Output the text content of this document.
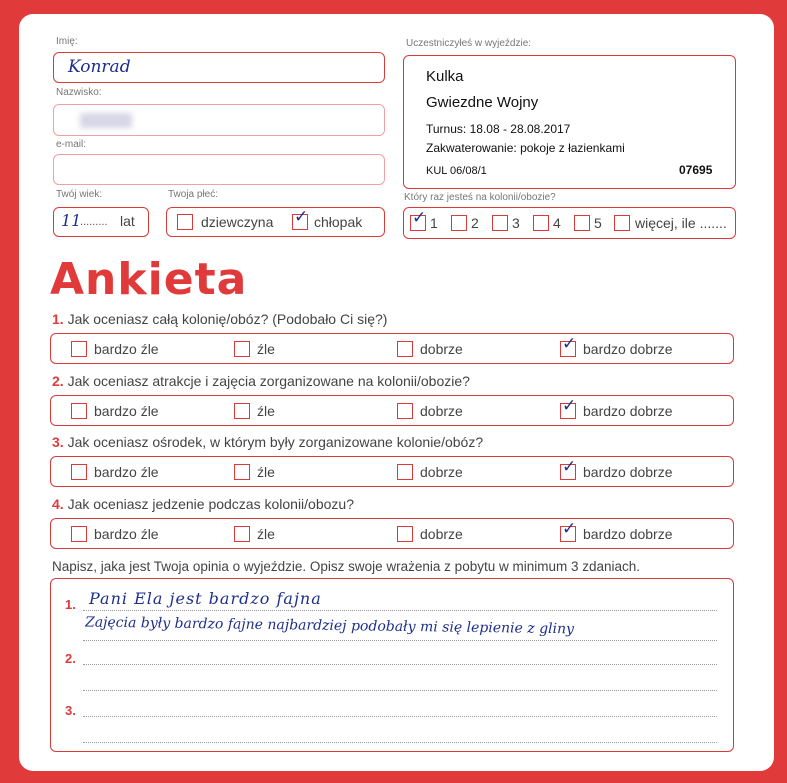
Imię:
Konrad
Nazwisko:
e-mail:
Twój wiek:
11
......... lat
Twoja płeć:
dziewczyna ✓ chłopak
Uczestniczyłeś w wyjeździe:
Kulka
Gwiezdne Wojny
Turnus: 18.08 - 28.08.2017
Zakwaterowanie: pokoje z łazienkami
KUL 06/08/1	07695
Który raz jesteś na kolonii/obozie?
✓ 1 2 3 4 5 więcej, ile .......
Ankieta
1. Jak oceniasz całą kolonię/obóz? (Podobało Ci się?)
bardzo źle	źle	dobrze	✓ bardzo dobrze
2. Jak oceniasz atrakcje i zajęcia zorganizowane na kolonii/obozie?
bardzo źle	źle	dobrze	✓ bardzo dobrze
3. Jak oceniasz ośrodek, w którym były zorganizowane kolonie/obóz?
bardzo źle	źle	dobrze	✓ bardzo dobrze
4. Jak oceniasz jedzenie podczas kolonii/obozu?
bardzo źle	źle	dobrze	✓ bardzo dobrze
Napisz, jaka jest Twoja opinia o wyjeździe. Opisz swoje wrażenia z pobytu w minimum 3 zdaniach.
1.
2.
3.
Pani Ela jest bardzo fajna
Zajęcia były bardzo fajne najbardziej podobały mi się lepienie z gliny
